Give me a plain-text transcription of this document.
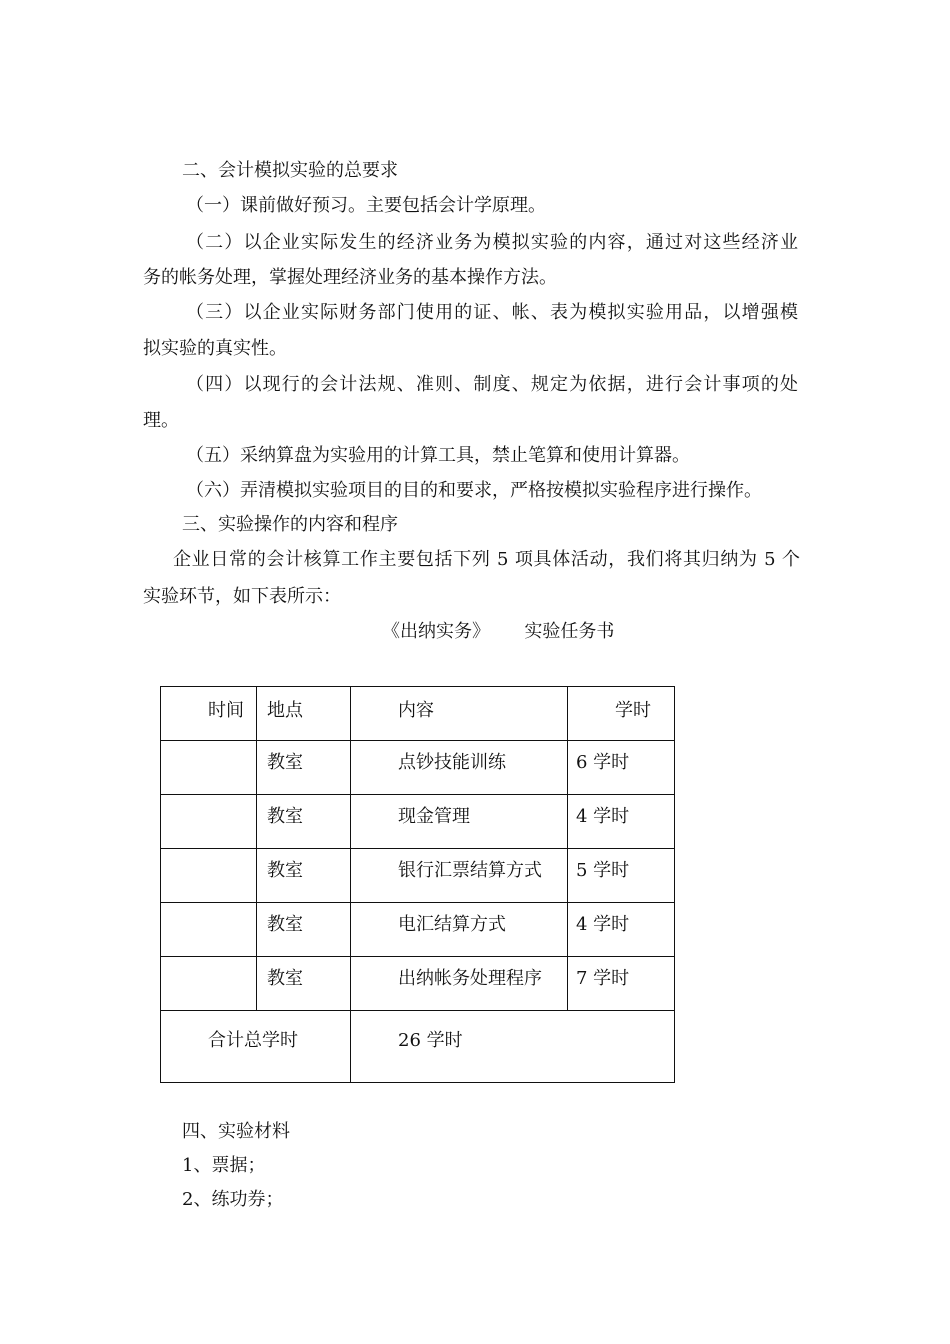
二、会计模拟实验的总要求
（一）课前做好预习。主要包括会计学原理。
（二）以企业实际发生的经济业务为模拟实验的内容，通过对这些经济业
务的帐务处理，掌握处理经济业务的基本操作方法。
（三）以企业实际财务部门使用的证、帐、表为模拟实验用品，以增强模
拟实验的真实性。
（四）以现行的会计法规、准则、制度、规定为依据，进行会计事项的处
理。
（五）采纳算盘为实验用的计算工具，禁止笔算和使用计算器。
（六）弄清模拟实验项目的目的和要求，严格按模拟实验程序进行操作。
三、实验操作的内容和程序
企业日常的会计核算工作主要包括下列 5 项具体活动，我们将其归纳为 5 个
实验环节，如下表所示：
《出纳实务》      实验任务书
时间	地点	内容	学时

	教室	点钞技能训练	6 学时

	教室	现金管理	4 学时

	教室	银行汇票结算方式	5 学时

	教室	电汇结算方式	4 学时

	教室	出纳帐务处理程序	7 学时

合计总学时		26 学时	
四、实验材料
1、票据；
2、练功券；
